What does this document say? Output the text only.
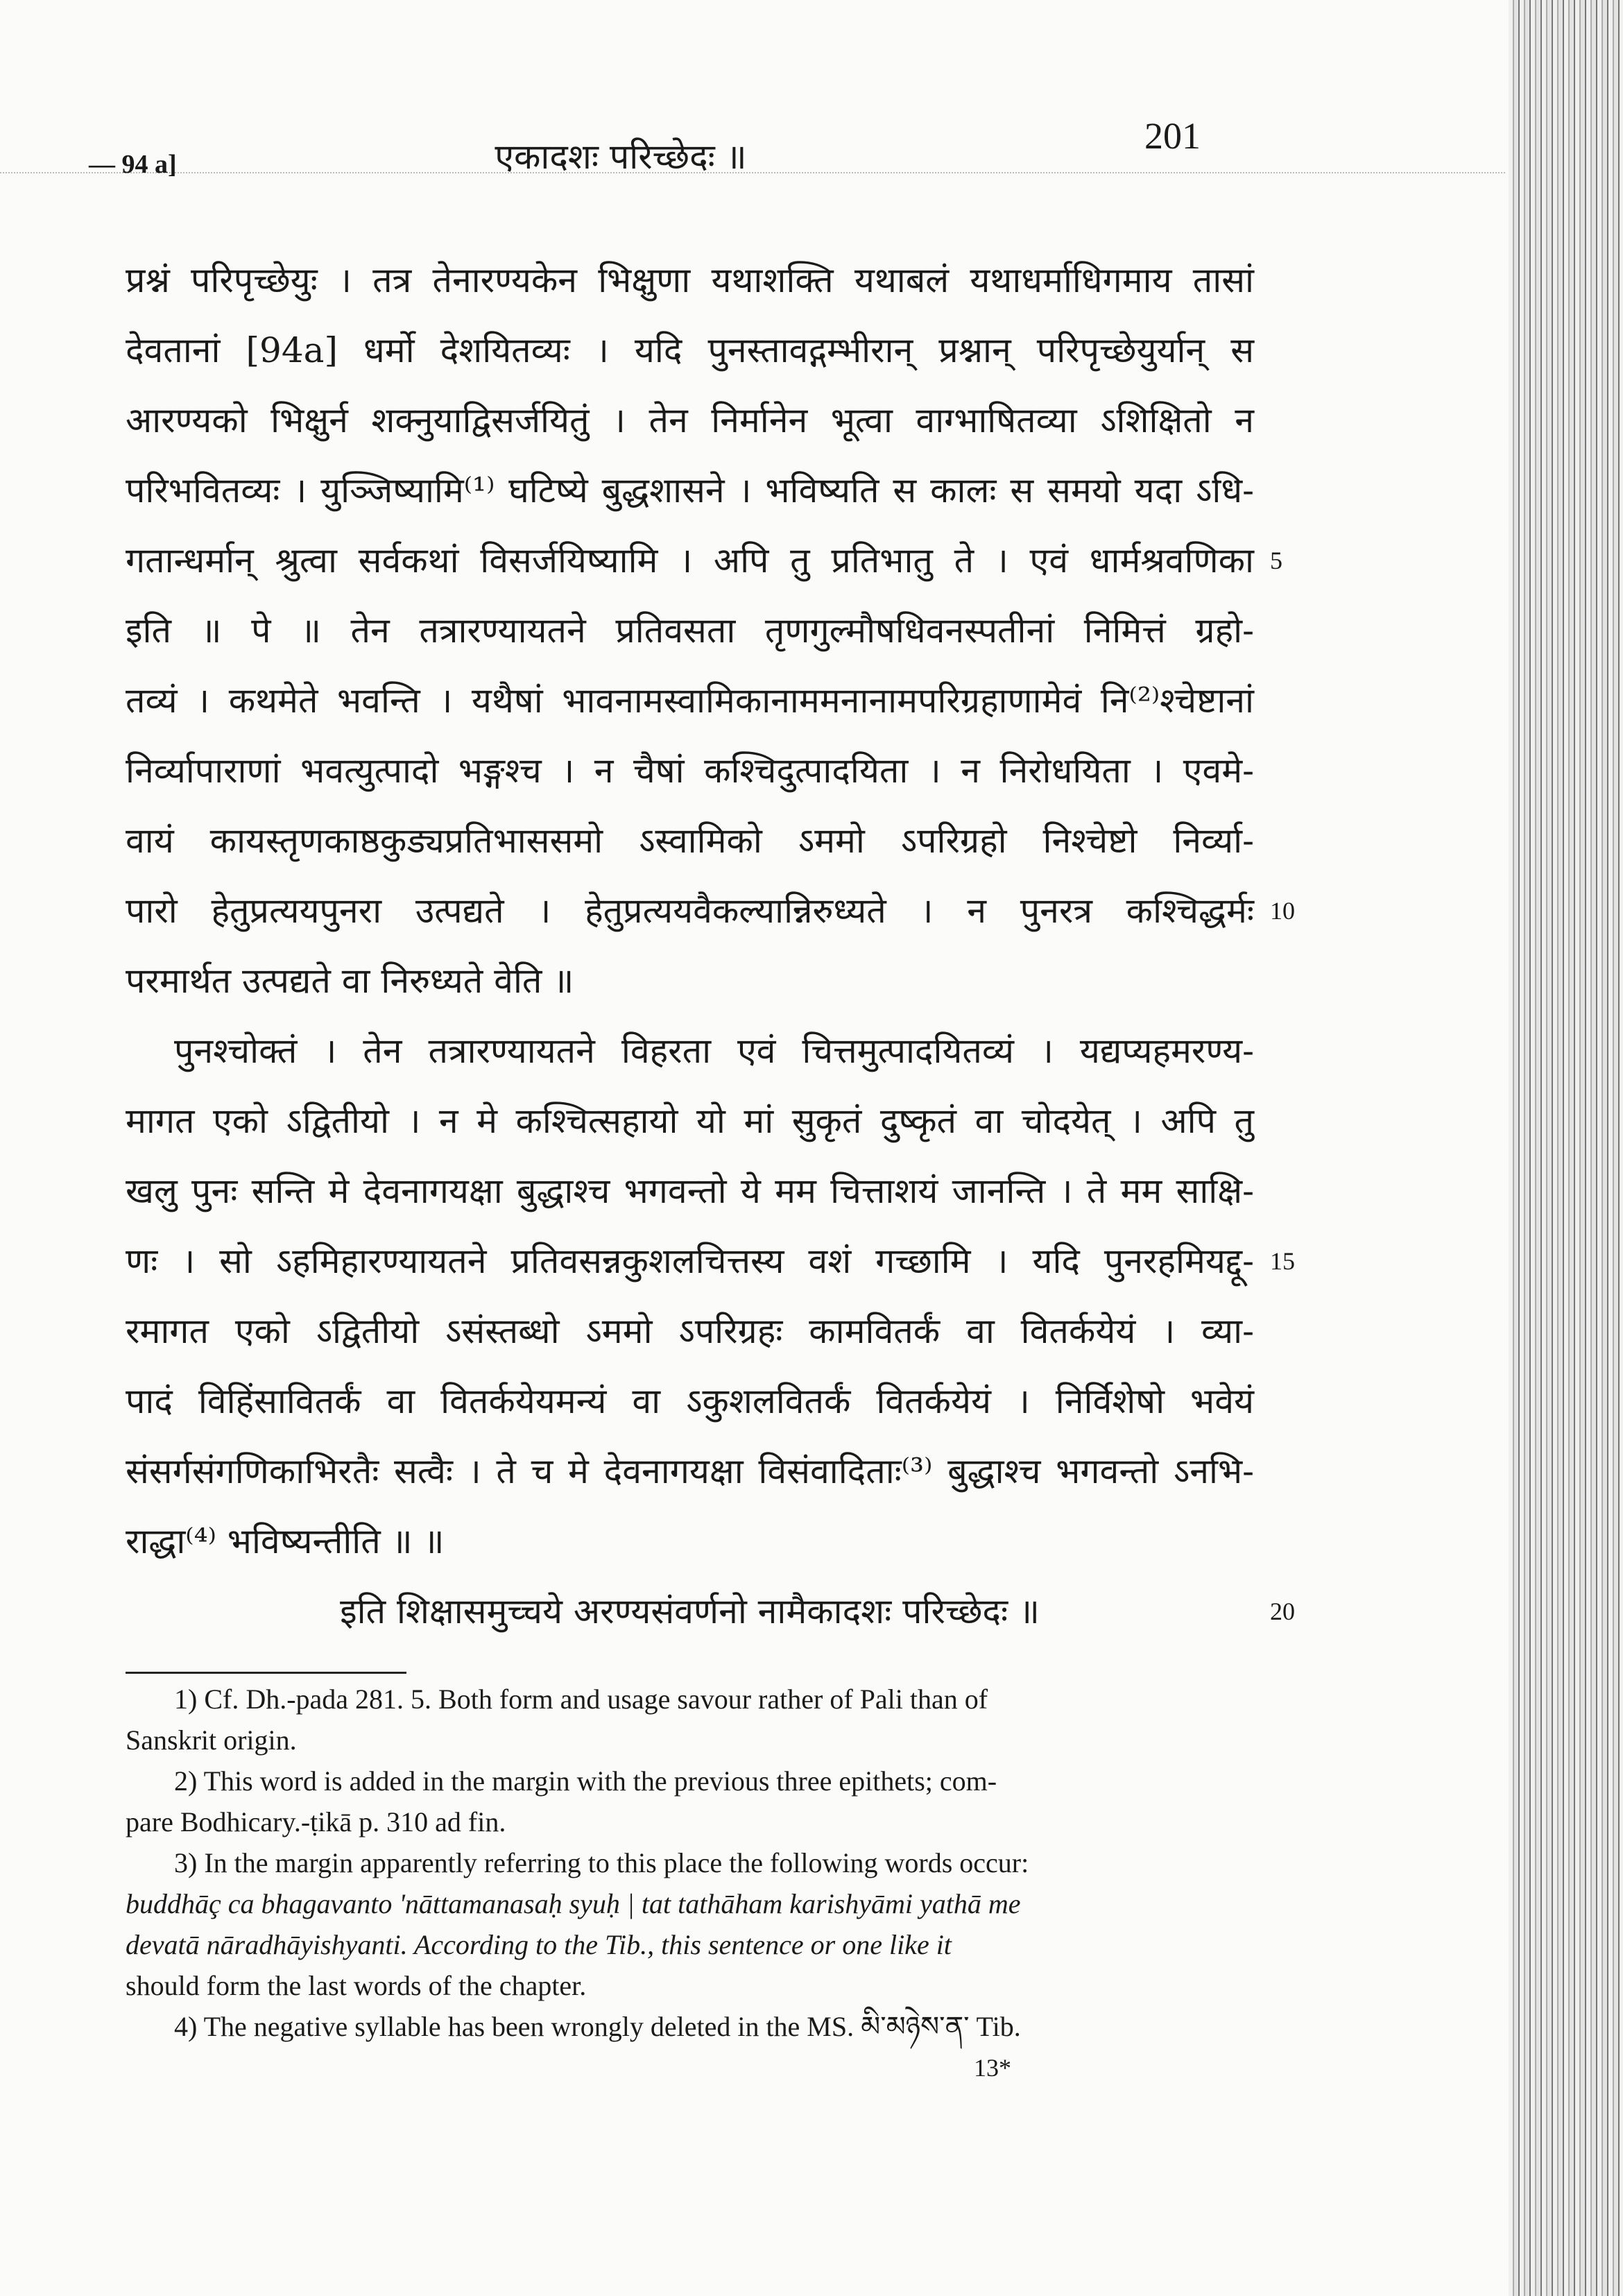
— 94 a]	एकादशः परिच्छेदः ॥	201
प्रश्नं परिपृच्छेयुः । तत्र तेनारण्यकेन भिक्षुणा यथाशक्ति यथाबलं यथाधर्माधिगमाय तासां
देवतानां [94a] धर्मो देशयितव्यः । यदि पुनस्तावद्गम्भीरान् प्रश्नान् परिपृच्छेयुर्यान् स
आरण्यको भिक्षुर्न शक्नुयाद्विसर्जयितुं । तेन निर्मानेन भूत्वा वाग्भाषितव्या ऽशिक्षितो न
परिभवितव्यः । युञ्जिष्यामि⁽¹⁾ घटिष्ये बुद्धशासने । भविष्यति स कालः स समयो यदा ऽधि-
गतान्धर्मान् श्रुत्वा सर्वकथां विसर्जयिष्यामि । अपि तु प्रतिभातु ते । एवं धार्मश्रवणिका 5
इति ॥ पे ॥ तेन तत्रारण्यायतने प्रतिवसता तृणगुल्मौषधिवनस्पतीनां निमित्तं ग्रहो-
तव्यं । कथमेते भवन्ति । यथैषां भावनामस्वामिकानाममनानामपरिग्रहाणामेवं नि⁽²⁾श्चेष्टानां
निर्व्यापाराणां भवत्युत्पादो भङ्गश्च । न चैषां कश्चिदुत्पादयिता । न निरोधयिता । एवमे-
वायं कायस्तृणकाष्ठकुड्यप्रतिभाससमो ऽस्वामिको ऽममो ऽपरिग्रहो निश्चेष्टो निर्व्या-
पारो हेतुप्रत्ययपुनरा उत्पद्यते । हेतुप्रत्ययवैकल्यान्निरुध्यते । न पुनरत्र कश्चिद्धर्मः 10
परमार्थत उत्पद्यते वा निरुध्यते वेति ॥
पुनश्चोक्तं । तेन तत्रारण्यायतने विहरता एवं चित्तमुत्पादयितव्यं । यद्यप्यहमरण्य-
मागत एको ऽद्वितीयो । न मे कश्चित्सहायो यो मां सुकृतं दुष्कृतं वा चोदयेत् । अपि तु
खलु पुनः सन्ति मे देवनागयक्षा बुद्धाश्च भगवन्तो ये मम चित्ताशयं जानन्ति । ते मम साक्षि-
णः । सो ऽहमिहारण्यायतने प्रतिवसन्नकुशलचित्तस्य वशं गच्छामि । यदि पुनरहमियद्दू- 15
रमागत एको ऽद्वितीयो ऽसंस्तब्धो ऽममो ऽपरिग्रहः कामवितर्कं वा वितर्कयेयं । व्या-
पादं विहिंसावितर्कं वा वितर्कयेयमन्यं वा ऽकुशलवितर्कं वितर्कयेयं । निर्विशेषो भवेयं
संसर्गसंगणिकाभिरतैः सत्वैः । ते च मे देवनागयक्षा विसंवादिताः⁽³⁾ बुद्धाश्च भगवन्तो ऽनभि-
राद्धा⁽⁴⁾ भविष्यन्तीति ॥ ॥
इति शिक्षासमुच्चये अरण्यसंवर्णनो नामैकादशः परिच्छेदः ॥	20
1) Cf. Dh.-pada 281. 5. Both form and usage savour rather of Pali than of
Sanskrit origin.
2) This word is added in the margin with the previous three epithets; com-
pare Bodhicary.-ṭikā p. 310 ad fin.
3) In the margin apparently referring to this place the following words occur:
buddhāç ca bhagavanto 'nāttamanasaḥ syuḥ | tat tathāham karishyāmi yathā me
devatā nāradhāyishyanti. According to the Tib., this sentence or one like it
should form the last words of the chapter.
4) The negative syllable has been wrongly deleted in the MS. མི་མཉེས་ན་ Tib.
13*
